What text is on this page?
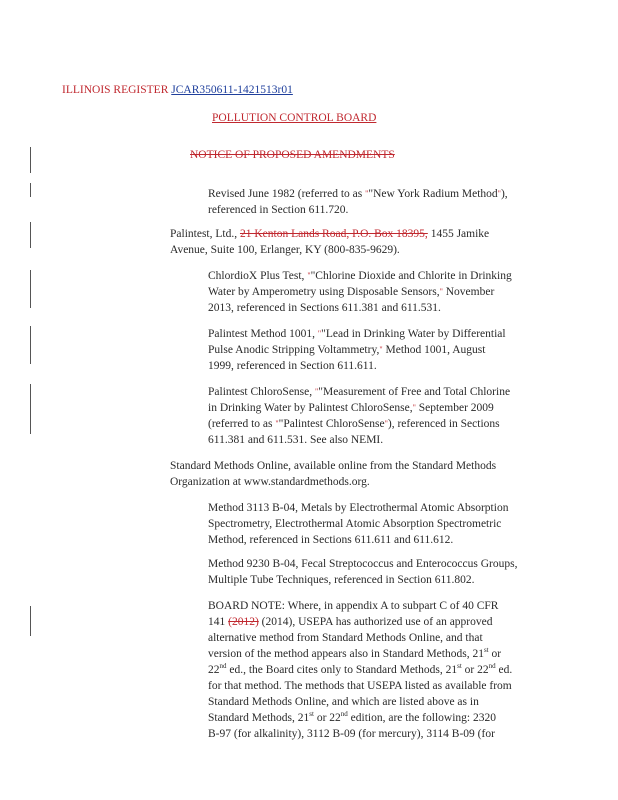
ILLINOIS REGISTER JCAR350611-1421513r01

POLLUTION CONTROL BOARD

NOTICE OF PROPOSED AMENDMENTS

Revised June 1982 (referred to as ""New York Radium Method"),

referenced in Section 611.720.

Palintest, Ltd., 21 Kenton Lands Road, P.O. Box 18395, 1455 Jamike

Avenue, Suite 100, Erlanger, KY (800-835-9629).

ChlordioX Plus Test, ""Chlorine Dioxide and Chlorite in Drinking

Water by Amperometry using Disposable Sensors," November

2013, referenced in Sections 611.381 and 611.531.

Palintest Method 1001, ""Lead in Drinking Water by Differential

Pulse Anodic Stripping Voltammetry," Method 1001, August

1999, referenced in Section 611.611.

Palintest ChloroSense, ""Measurement of Free and Total Chlorine

in Drinking Water by Palintest ChloroSense," September 2009

(referred to as ""Palintest ChloroSense"), referenced in Sections

611.381 and 611.531. See also NEMI.

Standard Methods Online, available online from the Standard Methods

Organization at www.standardmethods.org.

Method 3113 B-04, Metals by Electrothermal Atomic Absorption

Spectrometry, Electrothermal Atomic Absorption Spectrometric

Method, referenced in Sections 611.611 and 611.612.

Method 9230 B-04, Fecal Streptococcus and Enterococcus Groups,

Multiple Tube Techniques, referenced in Section 611.802.

BOARD NOTE: Where, in appendix A to subpart C of 40 CFR

141 (2012) (2014), USEPA has authorized use of an approved

alternative method from Standard Methods Online, and that

version of the method appears also in Standard Methods, 21st or

22nd ed., the Board cites only to Standard Methods, 21st or 22nd ed.

for that method. The methods that USEPA listed as available from

Standard Methods Online, and which are listed above as in

Standard Methods, 21st or 22nd edition, are the following: 2320

B-97 (for alkalinity), 3112 B-09 (for mercury), 3114 B-09 (for
